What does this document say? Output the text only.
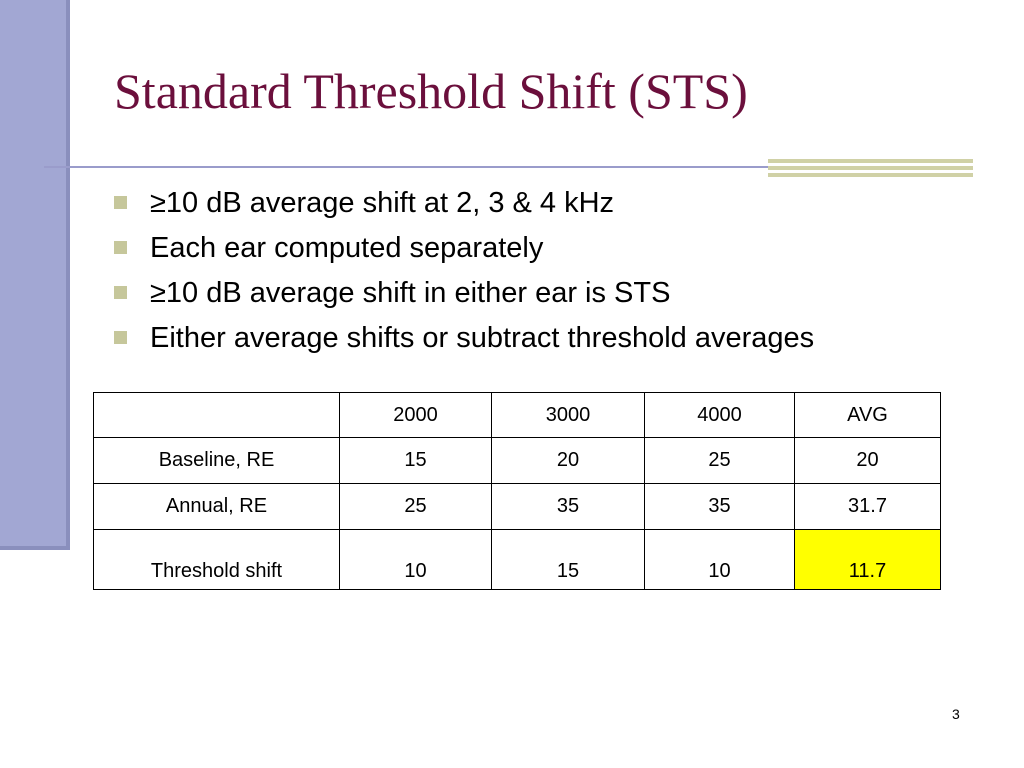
Standard Threshold Shift (STS)
≥10 dB average shift at 2, 3 & 4 kHz
Each ear computed separately
≥10 dB average shift in either ear is STS
Either average shifts or subtract threshold averages
	2000	3000	4000	AVG
Baseline, RE	15	20	25	20
Annual, RE	25	35	35	31.7
Threshold shift	10	15	10	11.7
3
